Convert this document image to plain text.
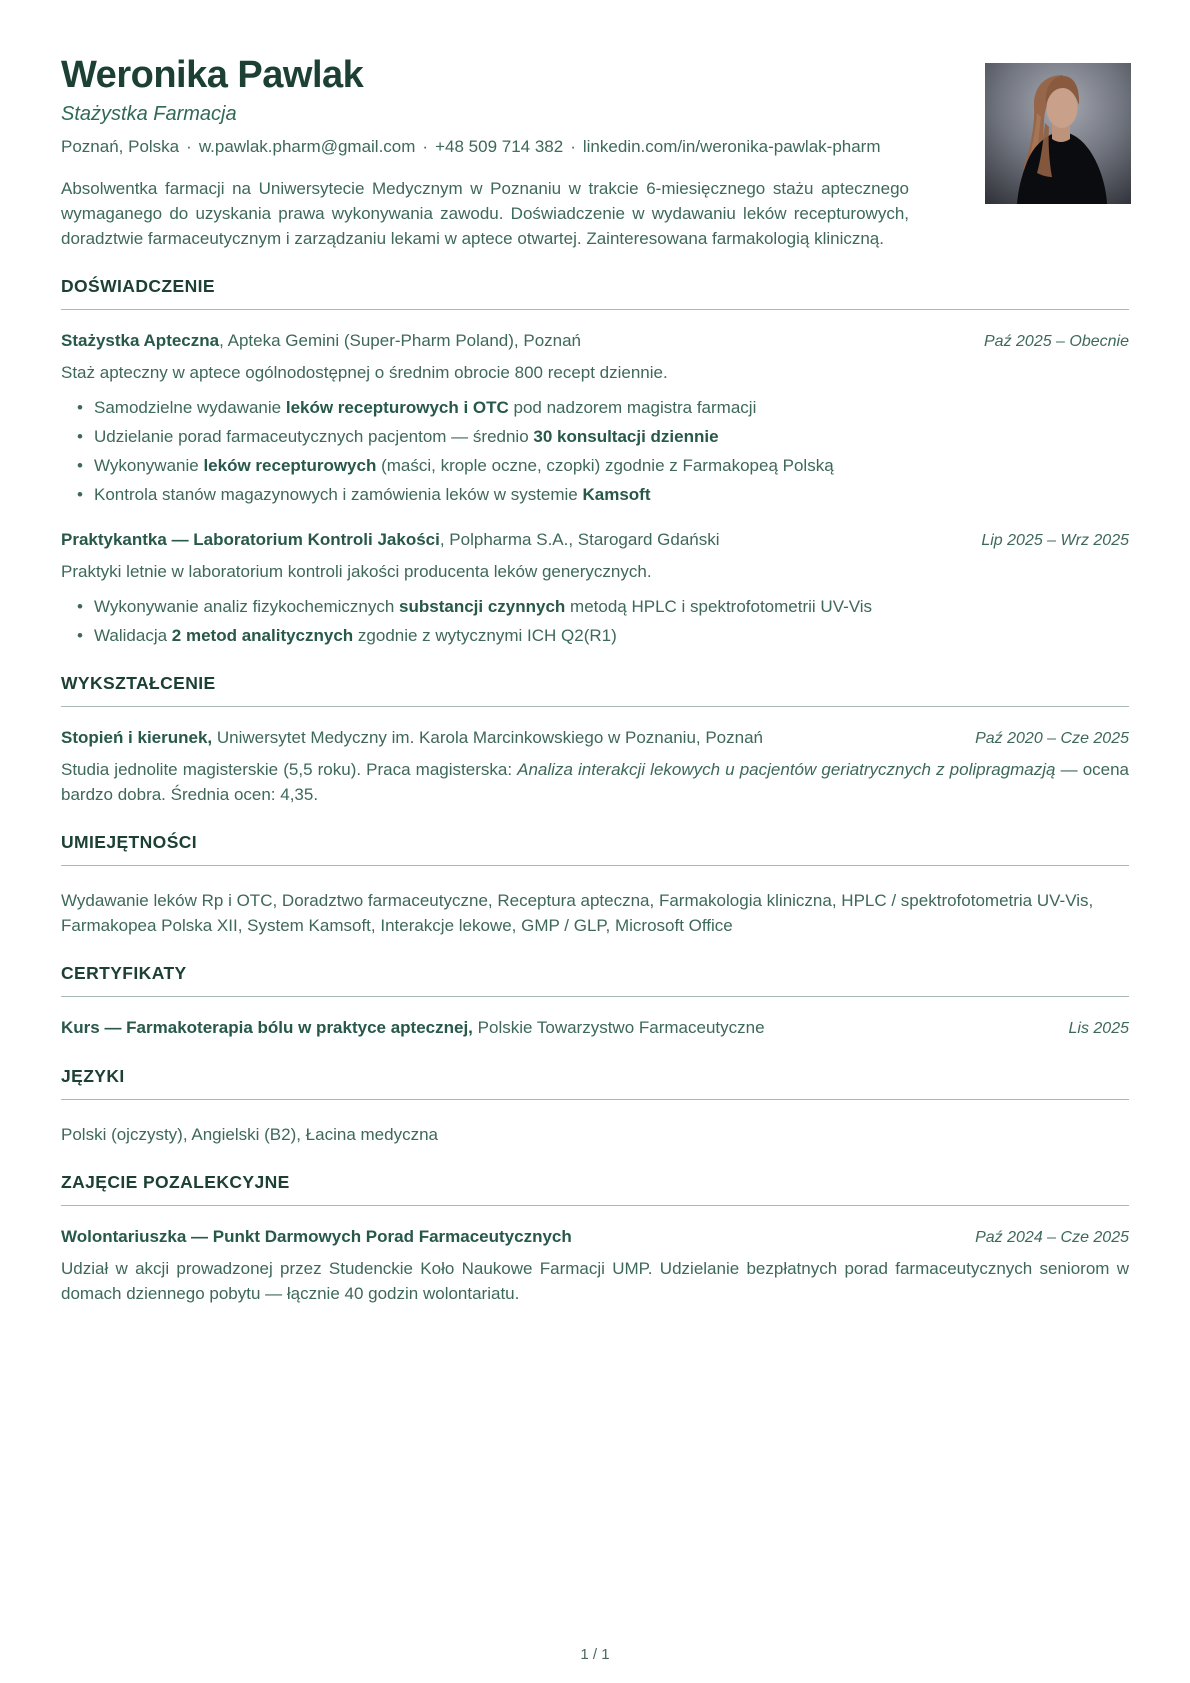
Weronika Pawlak
Stażystka Farmacja
Poznań, Polska · w.pawlak.pharm@gmail.com · +48 509 714 382 · linkedin.com/in/weronika-pawlak-pharm
Absolwentka farmacji na Uniwersytecie Medycznym w Poznaniu w trakcie 6-miesięcznego stażu aptecznego wymaganego do uzyskania prawa wykonywania zawodu. Doświadczenie w wydawaniu leków recepturowych, doradztwie farmaceutycznym i zarządzaniu lekami w aptece otwartej. Zainteresowana farmakologią kliniczną.
DOŚWIADCZENIE
Stażystka Apteczna, Apteka Gemini (Super-Pharm Poland), Poznań	Paź 2025 – Obecnie
Staż apteczny w aptece ogólnodostępnej o średnim obrocie 800 recept dziennie.
• Samodzielne wydawanie leków recepturowych i OTC pod nadzorem magistra farmacji
• Udzielanie porad farmaceutycznych pacjentom — średnio 30 konsultacji dziennie
• Wykonywanie leków recepturowych (maści, krople oczne, czopki) zgodnie z Farmakopeą Polską
• Kontrola stanów magazynowych i zamówienia leków w systemie Kamsoft
Praktykantka — Laboratorium Kontroli Jakości, Polpharma S.A., Starogard Gdański	Lip 2025 – Wrz 2025
Praktyki letnie w laboratorium kontroli jakości producenta leków generycznych.
• Wykonywanie analiz fizykochemicznych substancji czynnych metodą HPLC i spektrofotometrii UV-Vis
• Walidacja 2 metod analitycznych zgodnie z wytycznymi ICH Q2(R1)
WYKSZTAŁCENIE
Stopień i kierunek, Uniwersytet Medyczny im. Karola Marcinkowskiego w Poznaniu, Poznań	Paź 2020 – Cze 2025
Studia jednolite magisterskie (5,5 roku). Praca magisterska: Analiza interakcji lekowych u pacjentów geriatrycznych z polipragmazją — ocena bardzo dobra. Średnia ocen: 4,35.
UMIEJĘTNOŚCI
Wydawanie leków Rp i OTC, Doradztwo farmaceutyczne, Receptura apteczna, Farmakologia kliniczna, HPLC / spektrofotometria UV-Vis, Farmakopea Polska XII, System Kamsoft, Interakcje lekowe, GMP / GLP, Microsoft Office
CERTYFIKATY
Kurs — Farmakoterapia bólu w praktyce aptecznej, Polskie Towarzystwo Farmaceutyczne	Lis 2025
JĘZYKI
Polski (ojczysty), Angielski (B2), Łacina medyczna
ZAJĘCIE POZALEKCYJNE
Wolontariuszka — Punkt Darmowych Porad Farmaceutycznych	Paź 2024 – Cze 2025
Udział w akcji prowadzonej przez Studenckie Koło Naukowe Farmacji UMP. Udzielanie bezpłatnych porad farmaceutycznych seniorom w domach dziennego pobytu — łącznie 40 godzin wolontariatu.
1 / 1
